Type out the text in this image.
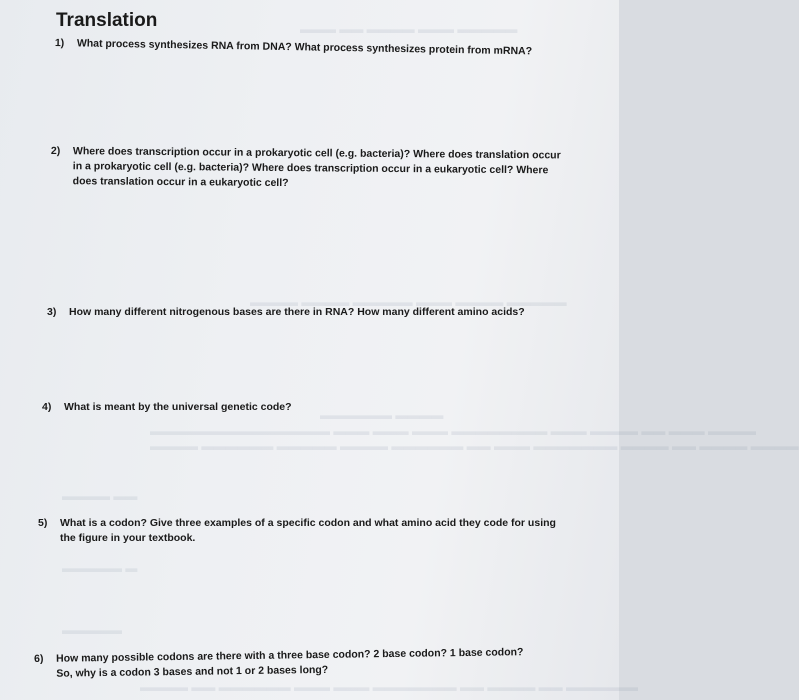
▬▬▬ ▬▬ ▬▬▬▬ ▬▬▬ ▬▬▬▬▬
▬▬▬▬ ▬▬▬▬ ▬▬▬▬▬ ▬▬▬ ▬▬▬▬ ▬▬▬▬▬
▬▬▬▬▬▬ ▬▬▬▬
▬▬▬▬▬▬▬▬▬▬▬▬▬▬▬ ▬▬▬ ▬▬▬ ▬▬▬ ▬▬▬▬▬▬▬▬ ▬▬▬ ▬▬▬▬ ▬▬ ▬▬▬ ▬▬▬▬
▬▬▬▬ ▬▬▬▬▬▬ ▬▬▬▬▬ ▬▬▬▬ ▬▬▬▬▬▬ ▬▬ ▬▬▬ ▬▬▬▬▬▬▬ ▬▬▬▬ ▬▬ ▬▬▬▬ ▬▬▬▬
▬▬▬▬ ▬▬
▬▬▬▬▬ ▬
▬▬▬▬▬
▬▬▬▬ ▬▬ ▬▬▬▬▬▬ ▬▬▬ ▬▬▬ ▬▬▬▬▬▬▬ ▬▬ ▬▬▬▬ ▬▬ ▬▬▬▬▬▬
Translation
1)	What process synthesizes RNA from DNA? What process synthesizes protein from mRNA?
2)	Where does transcription occur in a prokaryotic cell (e.g. bacteria)? Where does translation occur in a prokaryotic cell (e.g. bacteria)? Where does transcription occur in a eukaryotic cell? Where does translation occur in a eukaryotic cell?
3)	How many different nitrogenous bases are there in RNA? How many different amino acids?
4)	What is meant by the universal genetic code?
5)	What is a codon? Give three examples of a specific codon and what amino acid they code for using the figure in your textbook.
6)	How many possible codons are there with a three base codon? 2 base codon? 1 base codon? So, why is a codon 3 bases and not 1 or 2 bases long?
